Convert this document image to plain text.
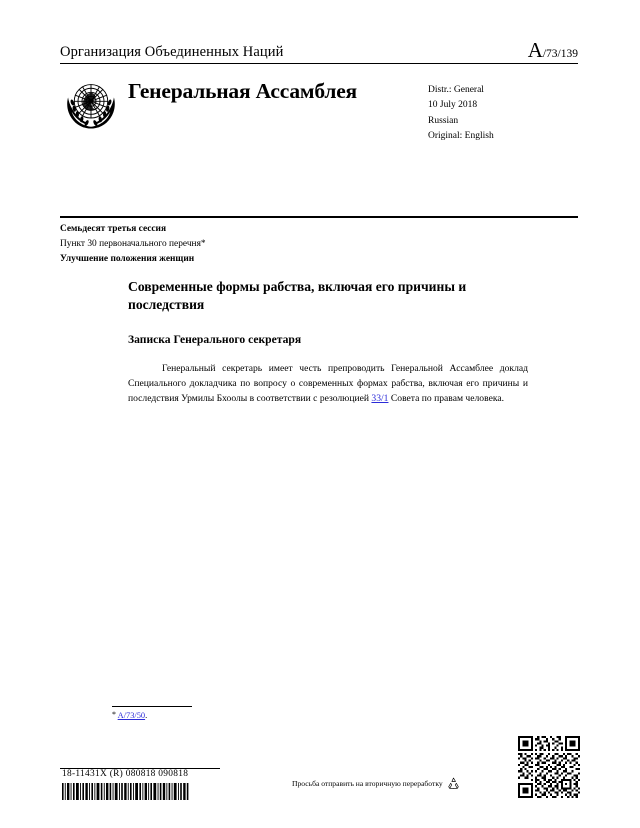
Организация Объединенных Наций	A /73/139
Генеральная Ассамблея	Distr.: General
10 July 2018
Russian
Original: English
Семьдесят третья сессия
Пункт 30 первоначального перечня*
Улучшение положения женщин
Современные формы рабства, включая его причины и последствия
Записка Генерального секретаря

Генеральный секретарь имеет честь препроводить Генеральной Ассамблее доклад Специального докладчика по вопросу о современных формах рабства, включая его причины и последствия Урмилы Бхоолы в соответствии с резолюцией 33/1 Совета по правам человека.

* A/73/50.
18-11431X (R) 080818 090818
Просьба отправить на вторичную переработку
